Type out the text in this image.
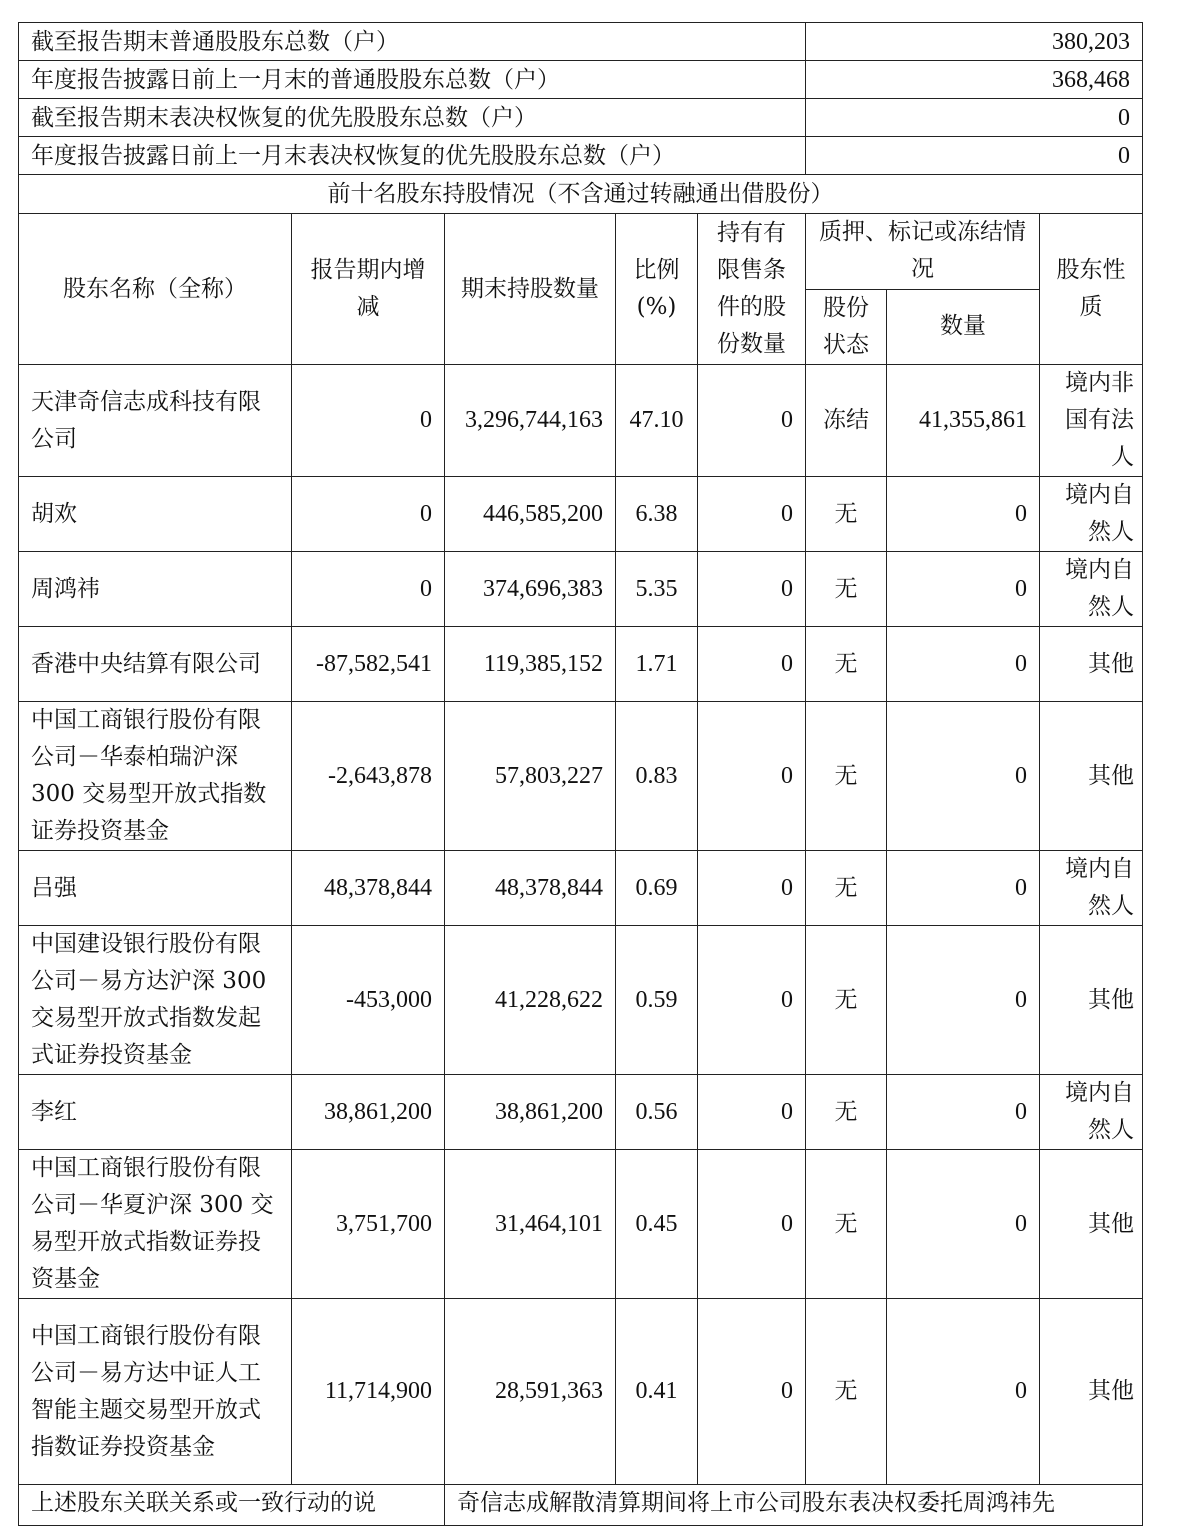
截至报告期末普通股股东总数（户）					380,203		
年度报告披露日前上一月末的普通股股东总数（户）					368,468		
截至报告期末表决权恢复的优先股股东总数（户）					0		
年度报告披露日前上一月末表决权恢复的优先股股东总数（户）					0		
前十名股东持股情况（不含通过转融通出借股份）							
股东名称（全称）	报告期内增减	期末持股数量	比例(%)	持有有限售条件的股份数量	质押、标记或冻结情况		股东性质
					股份状态	数量	
天津奇信志成科技有限公司	0	3,296,744,163	47.10	0	冻结	41,355,861	境内非国有法人
胡欢	0	446,585,200	6.38	0	无	0	境内自然人
周鸿祎	0	374,696,383	5.35	0	无	0	境内自然人
香港中央结算有限公司	-87,582,541	119,385,152	1.71	0	无	0	其他
中国工商银行股份有限公司－华泰柏瑞沪深 300 交易型开放式指数证券投资基金	-2,643,878	57,803,227	0.83	0	无	0	其他
吕强	48,378,844	48,378,844	0.69	0	无	0	境内自然人
中国建设银行股份有限公司－易方达沪深 300 交易型开放式指数发起式证券投资基金	-453,000	41,228,622	0.59	0	无	0	其他
李红	38,861,200	38,861,200	0.56	0	无	0	境内自然人
中国工商银行股份有限公司－华夏沪深 300 交易型开放式指数证券投资基金	3,751,700	31,464,101	0.45	0	无	0	其他
中国工商银行股份有限公司－易方达中证人工智能主题交易型开放式指数证券投资基金	11,714,900	28,591,363	0.41	0	无	0	其他
上述股东关联关系或一致行动的说		奇信志成解散清算期间将上市公司股东表决权委托周鸿祎先					
